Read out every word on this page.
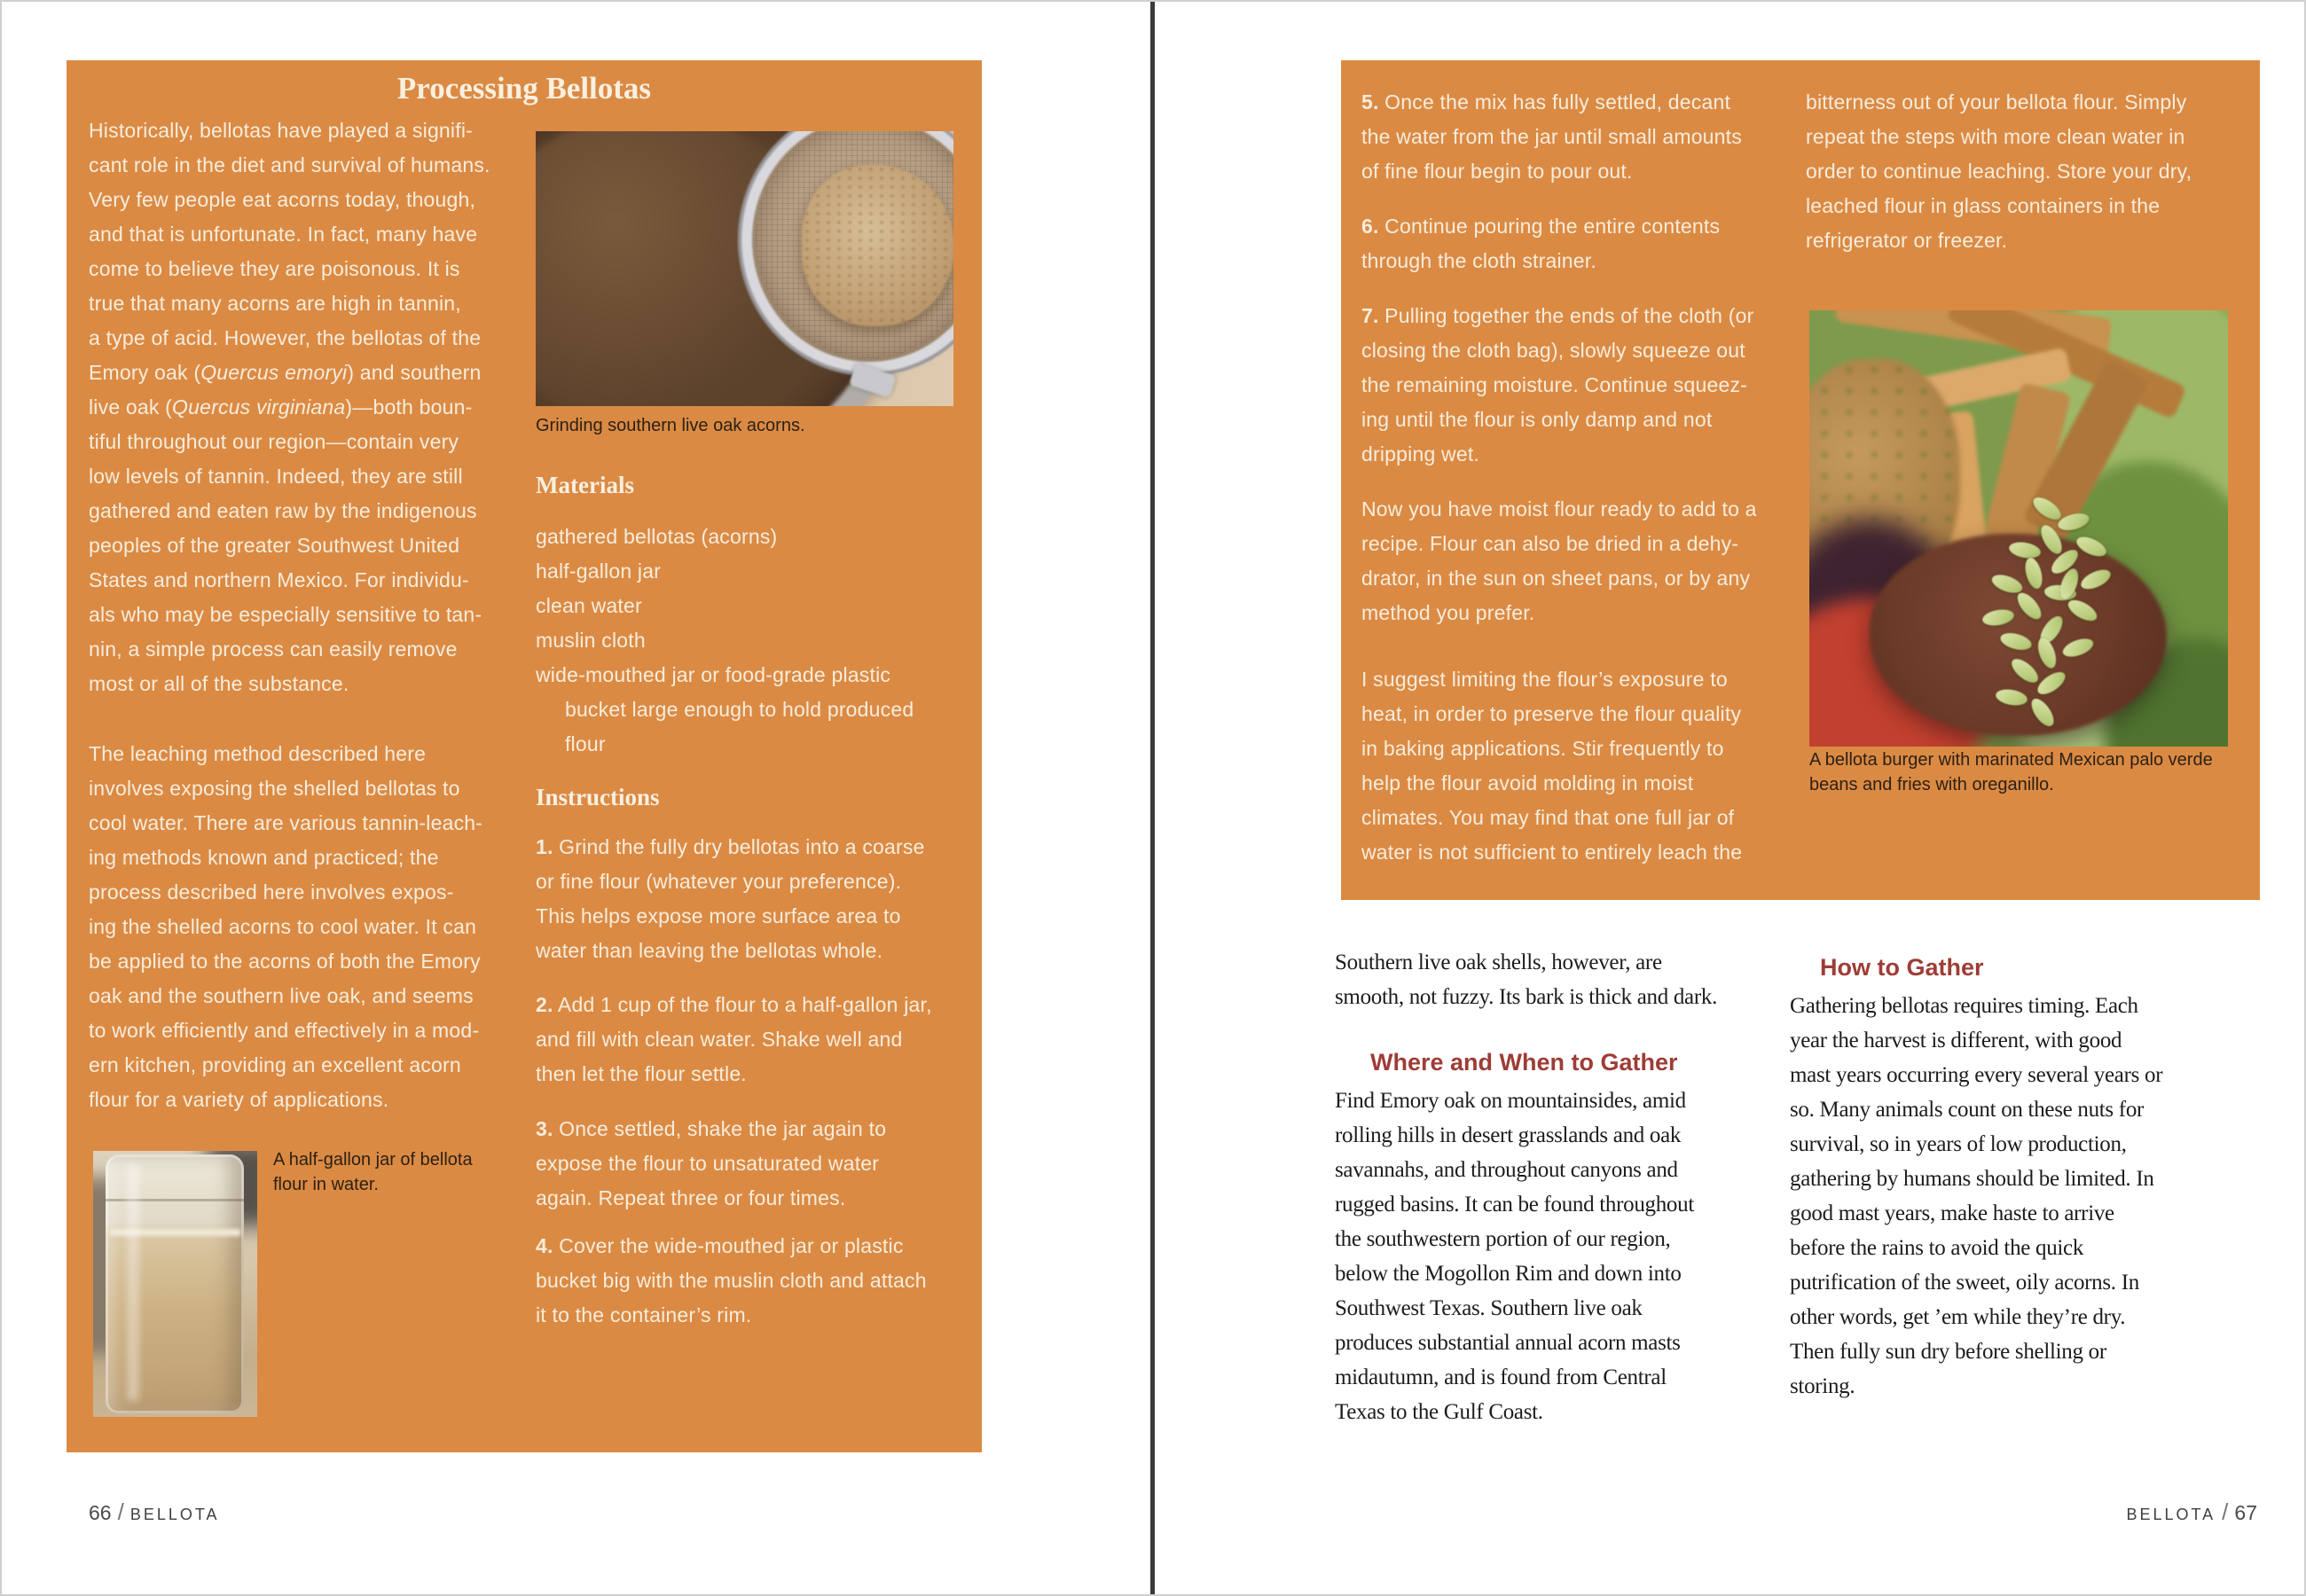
Processing Bellotas
Historically, bellotas have played a signifi-
cant role in the diet and survival of humans.
Very few people eat acorns today, though,
and that is unfortunate. In fact, many have
come to believe they are poisonous. It is
true that many acorns are high in tannin,
a type of acid. However, the bellotas of the
Emory oak (Quercus emoryi) and southern
live oak (Quercus virginiana)—both boun-
tiful throughout our region—contain very
low levels of tannin. Indeed, they are still
gathered and eaten raw by the indigenous
peoples of the greater Southwest United
States and northern Mexico. For individu-
als who may be especially sensitive to tan-
nin, a simple process can easily remove
most or all of the substance.
The leaching method described here
involves exposing the shelled bellotas to
cool water. There are various tannin-leach-
ing methods known and practiced; the
process described here involves expos-
ing the shelled acorns to cool water. It can
be applied to the acorns of both the Emory
oak and the southern live oak, and seems
to work efficiently and effectively in a mod-
ern kitchen, providing an excellent acorn
flour for a variety of applications.
Grinding southern live oak acorns.
Materials
gathered bellotas (acorns)
half-gallon jar
clean water
muslin cloth
wide-mouthed jar or food-grade plastic
bucket large enough to hold produced
flour
Instructions
1. Grind the fully dry bellotas into a coarse
or fine flour (whatever your preference).
This helps expose more surface area to
water than leaving the bellotas whole.
2. Add 1 cup of the flour to a half-gallon jar,
and fill with clean water. Shake well and
then let the flour settle.
3. Once settled, shake the jar again to
expose the flour to unsaturated water
again. Repeat three or four times.
4. Cover the wide-mouthed jar or plastic
bucket big with the muslin cloth and attach
it to the container’s rim.
A half-gallon jar of bellota
flour in water.
66 / BELLOTA
5. Once the mix has fully settled, decant
the water from the jar until small amounts
of fine flour begin to pour out.
6. Continue pouring the entire contents
through the cloth strainer.
7. Pulling together the ends of the cloth (or
closing the cloth bag), slowly squeeze out
the remaining moisture. Continue squeez-
ing until the flour is only damp and not
dripping wet.
Now you have moist flour ready to add to a
recipe. Flour can also be dried in a dehy-
drator, in the sun on sheet pans, or by any
method you prefer.
I suggest limiting the flour’s exposure to
heat, in order to preserve the flour quality
in baking applications. Stir frequently to
help the flour avoid molding in moist
climates. You may find that one full jar of
water is not sufficient to entirely leach the
bitterness out of your bellota flour. Simply
repeat the steps with more clean water in
order to continue leaching. Store your dry,
leached flour in glass containers in the
refrigerator or freezer.
A bellota burger with marinated Mexican palo verde
beans and fries with oreganillo.
Southern live oak shells, however, are
smooth, not fuzzy. Its bark is thick and dark.
Where and When to Gather
Find Emory oak on mountainsides, amid
rolling hills in desert grasslands and oak
savannahs, and throughout canyons and
rugged basins. It can be found throughout
the southwestern portion of our region,
below the Mogollon Rim and down into
Southwest Texas. Southern live oak
produces substantial annual acorn masts
midautumn, and is found from Central
Texas to the Gulf Coast.
How to Gather
Gathering bellotas requires timing. Each
year the harvest is different, with good
mast years occurring every several years or
so. Many animals count on these nuts for
survival, so in years of low production,
gathering by humans should be limited. In
good mast years, make haste to arrive
before the rains to avoid the quick
putrification of the sweet, oily acorns. In
other words, get ’em while they’re dry.
Then fully sun dry before shelling or
storing.
BELLOTA / 67
